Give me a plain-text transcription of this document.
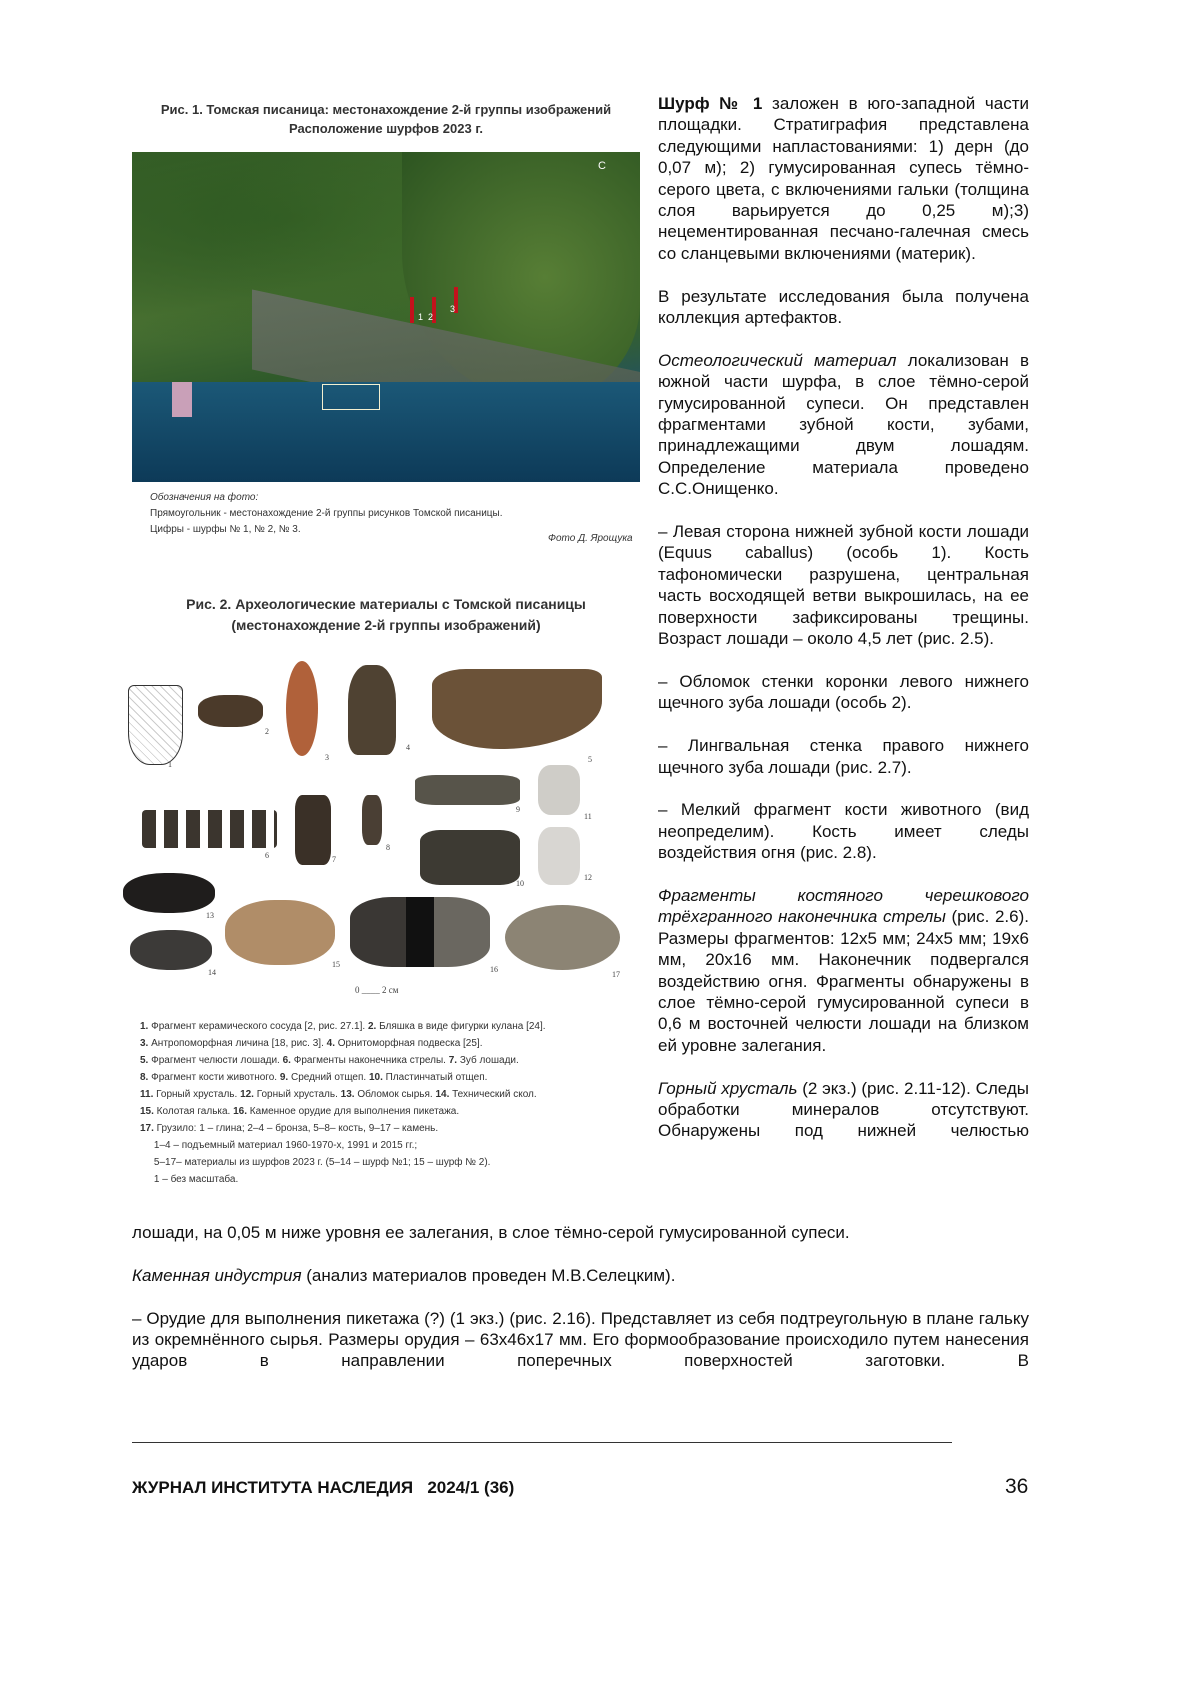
Рис. 1. Томская писаница: местонахождение 2-й группы изображений
Расположение шурфов 2023 г.
1 2
3
С
Обозначения на фото:
Прямоугольник - местонахождение 2-й группы рисунков Томской писаницы.
Цифры - шурфы № 1, № 2, № 3.
Фото Д. Ярощука
Рис. 2. Археологические материалы с Томской писаницы
(местонахождение 2-й группы изображений)
1
2
3
4
5
6	7
8
9
10
11
12
13
14
15
16
17
0 ____ 2 см
1. Фрагмент керамического сосуда [2, рис. 27.1]. 2. Бляшка в виде фигурки кулана [24].
3. Антропоморфная личина [18, рис. 3]. 4. Орнитоморфная подвеска [25].
5. Фрагмент челюсти лошади. 6. Фрагменты наконечника стрелы. 7. Зуб лошади.
8. Фрагмент кости животного. 9. Средний отщеп. 10. Пластинчатый отщеп.
11. Горный хрусталь. 12. Горный хрусталь. 13. Обломок сырья. 14. Технический скол.
15. Колотая галька. 16. Каменное орудие для выполнения пикетажа.
17. Грузило: 1 – глина; 2–4 – бронза, 5–8– кость, 9–17 – камень.
1–4 – подъемный материал 1960-1970-х, 1991 и 2015 гг.;
5–17– материалы из шурфов 2023 г. (5–14 – шурф №1; 15 – шурф № 2).
1 – без масштаба.

Шурф № 1 заложен в юго-западной части площадки. Стратиграфия представлена следующими напластованиями: 1) дерн (до 0,07 м); 2) гумусированная супесь тёмно-серого цвета, с включениями гальки (толщина слоя варьируется до 0,25 м);3) нецементированная песчано-галечная смесь со сланцевыми включениями (материк).

В результате исследования была получена коллекция артефактов.

Остеологический материал локализован в южной части шурфа, в слое тёмно-серой гумусированной супеси. Он представлен фрагментами зубной кости, зубами, принадлежащими двум лошадям. Определение материала проведено С.С.Онищенко.

– Левая сторона нижней зубной кости лошади (Equus caballus) (особь 1). Кость тафономически разрушена, центральная часть восходящей ветви выкрошилась, на ее поверхности зафиксированы трещины. Возраст лошади – около 4,5 лет (рис. 2.5).

– Обломок стенки коронки левого нижнего щечного зуба лошади (особь 2).

– Лингвальная стенка правого нижнего щечного зуба лошади (рис. 2.7).

– Мелкий фрагмент кости животного (вид неопределим). Кость имеет следы воздействия огня (рис. 2.8).

Фрагменты костяного черешкового трёхгранного наконечника стрелы (рис. 2.6). Размеры фрагментов: 12х5 мм; 24х5 мм; 19х6 мм, 20х16 мм. Наконечник подвергался воздействию огня. Фрагменты обнаружены в слое тёмно-серой гумусированной супеси в 0,6 м восточней челюсти лошади на близком ей уровне залегания.

Горный хрусталь (2 экз.) (рис. 2.11-12). Следы обработки минералов отсутствуют. Обнаружены под нижней челюстью

лошади, на 0,05 м ниже уровня ее залегания, в слое тёмно-серой гумусированной супеси.

Каменная индустрия (анализ материалов проведен М.В.Селецким).

– Орудие для выполнения пикетажа (?) (1 экз.) (рис. 2.16). Представляет из себя подтреугольную в плане гальку из окремнённого сырья. Размеры орудия – 63х46х17 мм. Его формообразование происходило путем нанесения ударов в направлении поперечных поверхностей заготовки. В

ЖУРНАЛ ИНСТИТУТА НАСЛЕДИЯ 2024/1 (36)	36
